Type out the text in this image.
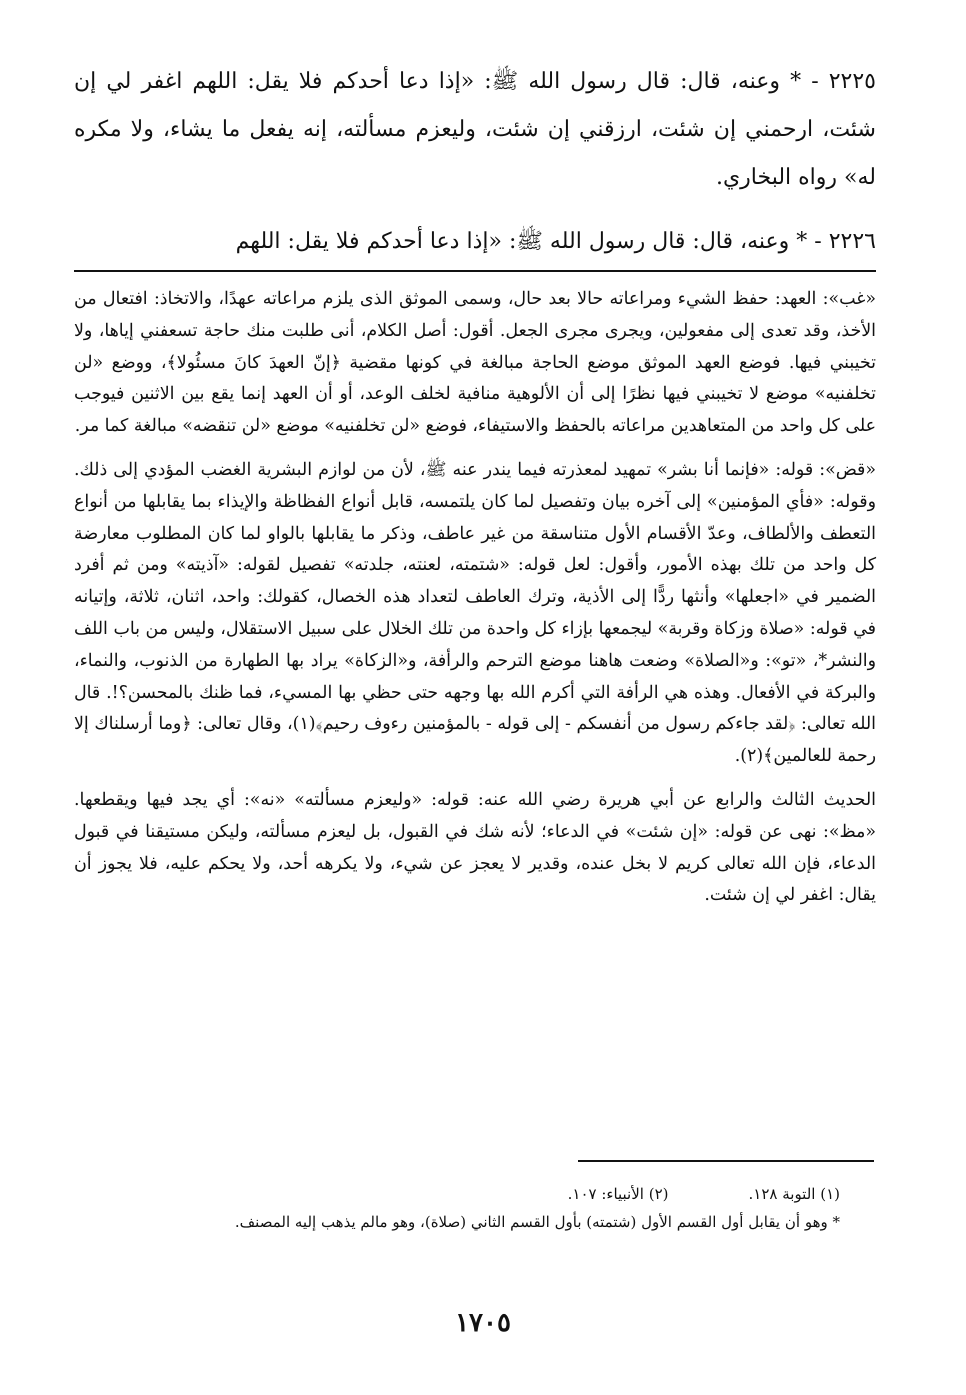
٢٢٢٥ - * وعنه، قال: قال رسول الله ﷺ: «إذا دعا أحدكم فلا يقل: اللهم اغفر لي إن شئت، ارحمني إن شئت، ارزقني إن شئت، وليعزم مسألته، إنه يفعل ما يشاء، ولا مكره له» رواه البخاري.

٢٢٢٦ - * وعنه، قال: قال رسول الله ﷺ: «إذا دعا أحدكم فلا يقل: اللهم

«غب»: العهد: حفظ الشيء ومراعاته حالا بعد حال، وسمى الموثق الذى يلزم مراعاته عهدًا، والاتخاذ: افتعال من الأخذ، وقد تعدى إلى مفعولين، ويجرى مجرى الجعل. أقول: أصل الكلام، أنى طلبت منك حاجة تسعفني إياها، ولا تخيبني فيها. فوضع العهد الموثق موضع الحاجة مبالغة في كونها مقضية ﴿إنّ العهدَ كانَ مسئُولا﴾، ووضع «لن تخلفنيه» موضع لا تخيبني فيها نظرًا إلى أن الألوهية منافية لخلف الوعد، أو أن العهد إنما يقع بين الاثنين فيوجب على كل واحد من المتعاهدين مراعاته بالحفظ والاستيفاء، فوضع «لن تخلفنيه» موضع «لن تنقضه» مبالغة كما مر.

«قض»: قوله: «فإنما أنا بشر» تمهيد لمعذرته فيما يندر عنه ﷺ، لأن من لوازم البشرية الغضب المؤدي إلى ذلك. وقوله: «فأي المؤمنين» إلى آخره بيان وتفصيل لما كان يلتمسه، قابل أنواع الفظاظة والإيذاء بما يقابلها من أنواع التعطف والألطاف، وعدّ الأقسام الأول متناسقة من غير عاطف، وذكر ما يقابلها بالواو لما كان المطلوب معارضة كل واحد من تلك بهذه الأمور، وأقول: لعل قوله: «شتمته، لعنته، جلدته» تفصيل لقوله: «آذيته» ومن ثم أفرد الضمير في «اجعلها» وأنثها ردًّا إلى الأذية، وترك العاطف لتعداد هذه الخصال، كقولك: واحد، اثنان، ثلاثة، وإتيانه في قوله: «صلاة وزكاة وقربة» ليجمعها بإزاء كل واحدة من تلك الخلال على سبيل الاستقلال، وليس من باب اللف والنشر*، «تو»: و«الصلاة» وضعت هاهنا موضع الترحم والرأفة، و«الزكاة» يراد بها الطهارة من الذنوب، والنماء، والبركة في الأفعال. وهذه هي الرأفة التي أكرم الله بها وجهه حتى حظي بها المسيء، فما ظنك بالمحسن؟!. قال الله تعالى: ﴿لقد جاءكم رسول من أنفسكم - إلى قوله - بالمؤمنين رءوف رحيم﴾(١)، وقال تعالى: ﴿وما أرسلناك إلا رحمة للعالمين﴾(٢).

الحديث الثالث والرابع عن أبي هريرة رضي الله عنه: قوله: «وليعزم مسألته» «نه»: أي يجد فيها ويقطعها. «مظ»: نهى عن قوله: «إن شئت» في الدعاء؛ لأنه شك في القبول، بل ليعزم مسألته، وليكن مستيقنا في قبول الدعاء، فإن الله تعالى كريم لا بخل عنده، وقدير لا يعجز عن شيء، ولا يكرهه أحد، ولا يحكم عليه، فلا يجوز أن يقال: اغفر لي إن شئت.

(١) التوبة ١٢٨.
(٢) الأنبياء: ١٠٧.
* وهو أن يقابل أول القسم الأول (شتمته) بأول القسم الثاني (صلاة)، وهو مالم يذهب إليه المصنف.
١٧٠٥
